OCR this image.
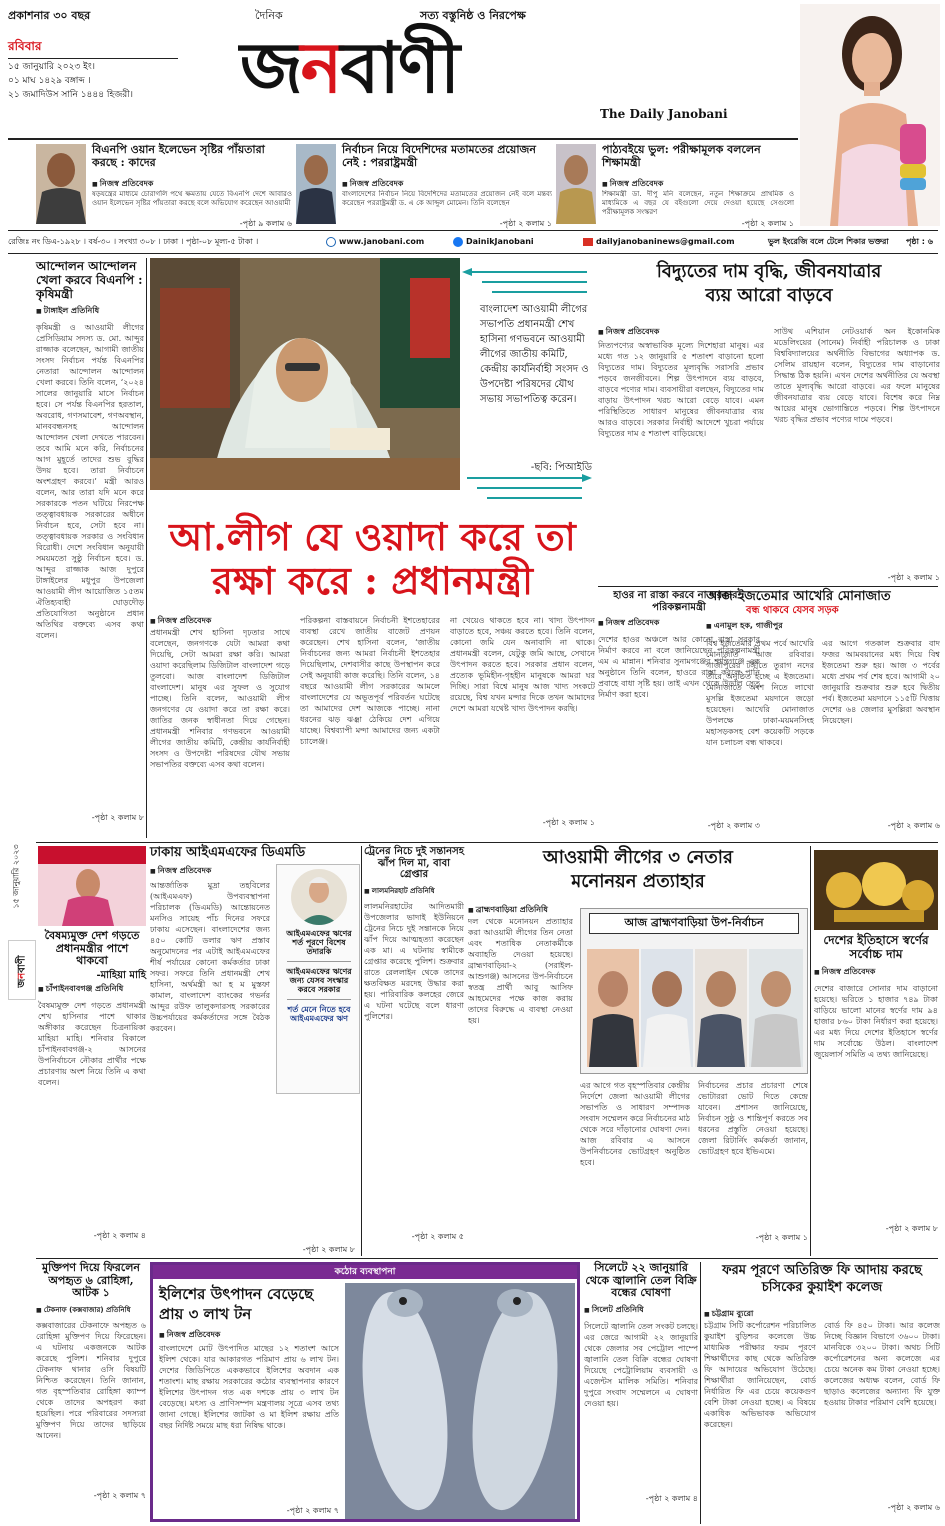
প্রকাশনার ৩০ বছর
রবিবার
১৫ জানুয়ারি ২০২৩ ইং।
০১ মাঘ ১৪২৯ বঙ্গাব্দ ।
২১ জমাদিউস সানি ১৪৪৪ হিজরী।
দৈনিক	সত্য বস্তুনিষ্ঠ ও নিরপেক্ষ
জনবাণী
The Daily Janobani
বিএনপি ওয়ান ইলেভেন সৃষ্টির পাঁয়তারা করছে : কাদের
■ নিজস্ব প্রতিবেদক
ষড়যন্ত্রের মাধ্যমে চোরাগলি পথে ক্ষমতায় যেতে বিএনপি দেশে আবারও ওয়ান ইলেভেন সৃষ্টির পাঁয়তারা করছে বলে অভিযোগ করেছেন আওয়ামী
-পৃষ্ঠা ৯ কলাম ৬
নির্বাচন নিয়ে বিদেশিদের মতামতের প্রয়োজন নেই : পররাষ্ট্রমন্ত্রী
■ নিজস্ব প্রতিবেদক
বাংলাদেশের নির্বাচন নিয়ে বিদেশিদের মতামতের প্রয়োজন নেই বলে মন্তব্য করেছেন পররাষ্ট্রমন্ত্রী ড. এ কে আব্দুল মোমেন। তিনি বলেছেন
-পৃষ্ঠা ২ কলাম ১
পাঠ্যবইয়ে ভুল: পরীক্ষামূলক বললেন শিক্ষামন্ত্রী
■ নিজস্ব প্রতিবেদক
শিক্ষামন্ত্রী ডা. দীপু মনি বলেছেন, নতুন শিক্ষাক্রমে প্রাথমিক ও মাধ্যমিকে এ বছর যে বইগুলো দেয়ে দেওয়া হয়েছে সেগুলো পরীক্ষামূলক সংস্করণ
-পৃষ্ঠা ২ কলাম ১
রেজিঃ নং ডিএ-১৯২৮ । বর্ষ-৩০ । সংখ্যা ৩০৮ । ঢাকা । পৃষ্ঠা-০৮ মূল্য-৫ টাকা ।	www.janobani.com	DainikJanobani	dailyjanobaninews@gmail.com	ভুল ইংরেজি বলে টেলে শিকার ভক্তরা পৃষ্ঠা : ৬
১৫ জানুয়ারি ২০২৩
জনবাণী
আন্দোলন আন্দোলন খেলা করবে বিএনপি : কৃষিমন্ত্রী
■ টাঙ্গাইল প্রতিনিধি
কৃষিমন্ত্রী ও আওয়ামী লীগের প্রেসিডিয়াম সদস্য ড. মো. আব্দুর রাজ্জাক বলেছেন, আগামী জাতীয় সংসদ নির্বাচন পর্যন্ত বিএনপির নেতারা আন্দোলন আন্দোলন খেলা করবে। তিনি বলেন, ‘২০২৪ সালের জানুয়ারি মাসে নির্বাচন হবে। সে পর্যন্ত বিএনপির হরতাল, অবরোধ, গণসমাবেশ, গণঅবস্থান, মানববন্ধনসহ আন্দোলন আন্দোলন খেলা দেখতে পারবেন। তবে আমি মনে করি, নির্বাচনের আগ মুহূর্তে তাদের শুভ বুদ্ধির উদয় হবে। তারা নির্বাচনে অংশগ্রহণ করবে।’ মন্ত্রী আরও বলেন, আর তারা যদি মনে করে সরকারকে পতন ঘটিয়ে নিরপেক্ষ তত্ত্বাবধায়ক সরকারের অধীনে নির্বাচন হবে, সেটা হবে না। তত্ত্বাবধায়ক সরকার ও সংবিধান বিরোধী। দেশে সংবিধান অনুযায়ী সময়মতো সুষ্ঠু নির্বাচন হবে। ড. আব্দুর রাজ্জাক আজ দুপুরে টাঙ্গাইলের মধুপুর উপজেলা আওয়ামী লীগ আয়োজিত ১৫তম ঐতিহ্যবাহী ঘোড়দৌড় প্রতিযোগিতা অনুষ্ঠানে প্রধান অতিথির বক্তব্যে এসব কথা বলেন।
-পৃষ্ঠা ২ কলাম ৮
বাংলাদেশ আওয়ামী লীগের সভাপতি প্রধানমন্ত্রী শেখ হাসিনা গণভবনে আওয়ামী লীগের জাতীয় কমিটি, কেন্দ্রীয় কার্যনির্বাহী সংসদ ও উপদেষ্টা পরিষদের যৌথ সভায় সভাপতিত্ব করেন।
-ছবি: পিআইডি
আ.লীগ যে ওয়াদা করে তা
রক্ষা করে : প্রধানমন্ত্রী
■ নিজস্ব প্রতিবেদক
প্রধানমন্ত্রী শেখ হাসিনা দৃঢ়তার সাথে বলেছেন, জনগণকে যেটা আমরা কথা দিয়েছি, সেটা আমরা রক্ষা করি। আমরা ওয়াদা করেছিলাম ডিজিটাল বাংলাদেশ গড়ে তুলবো। আজ বাংলাদেশ ডিজিটাল বাংলাদেশ। মানুষ এর সুফল ও সুযোগ পাচ্ছে। তিনি বলেন, আওয়ামী লীগ জনগণের যে ওয়াদা করে তা রক্ষা করে। জাতির জনক স্বাধীনতা দিয়ে গেছেন। প্রধানমন্ত্রী শনিবার গণভবনে আওয়ামী লীগের জাতীয় কমিটি, কেন্দ্রীয় কার্যনির্বাহী সংসদ ও উপদেষ্টা পরিষদের যৌথ সভায় সভাপতির বক্তব্যে এসব কথা বলেন।
পরিকল্পনা বাস্তবায়নে নির্বাচনী ইশতেহারের ব্যবস্থা রেখে জাতীয় বাজেট প্রণয়ন করেছেন। শেখ হাসিনা বলেন, ‘জাতীয় নির্বাচনের জন্য আমরা নির্বাচনী ইশতেহার দিয়েছিলাম, দেশবাসীর কাছে উপস্থাপন করে সেই অনুযায়ী কাজ করেছি। তিনি বলেন, ১৪ বছরে আওয়ামী লীগ সরকারের আমলে বাংলাদেশের যে অভূতপূর্ব পরিবর্তন ঘটেছে তা আমাদের দেশ আজকে পাচ্ছে। নানা ধরনের ঝড় ঝঞ্ঝা ঠেকিয়ে দেশ এগিয়ে যাচ্ছে। বিশ্বব্যাপী মন্দা আমাদের জন্য একটা চ্যালেঞ্জ।
না খেয়েও থাকতে হবে না। খাদ্য উৎপাদন বাড়াতে হবে, সঞ্চয় করতে হবে। তিনি বলেন, কোনো জমি যেন অনাবাদি না থাকে। প্রধানমন্ত্রী বলেন, যেটুকু জমি আছে, সেখানে উৎপাদন করতে হবে। সরকার প্রধান বলেন, প্রত্যেক ভূমিহীন-গৃহহীন মানুষকে আমরা ঘর দিচ্ছি। সারা বিশ্বে মানুষ আজ খাদ্য সংকটে রয়েছে, বিশ্ব যখন মন্দার দিকে তখন আমাদের দেশে আমরা যথেষ্ট খাদ্য উৎপাদন করছি।
-পৃষ্ঠা ২ কলাম ১
বিদ্যুতের দাম বৃদ্ধি, জীবনযাত্রার
ব্যয় আরো বাড়বে
■ নিজস্ব প্রতিবেদক
নিত্যপণ্যের অস্বাভাবিক মূল্যে দিশেহারা মানুষ। এর মধ্যে গত ১২ জানুয়ারি ৫ শতাংশ বাড়ানো হলো বিদ্যুতের দাম। বিদ্যুতের মূল্যবৃদ্ধি সরাসরি প্রভাব পড়বে জনজীবনে। শিল্প উৎপাদনে ব্যয় বাড়বে, বাড়বে পণ্যের দাম। ব্যবসায়ীরা বলছেন, বিদ্যুতের দাম বাড়ায় উৎপাদন খরচ আরো বেড়ে যাবে। এমন পরিস্থিতিতে সাধারণ মানুষের জীবনযাত্রার ব্যয় আরও বাড়বে। সরকার নির্বাহী আদেশে খুচরা পর্যায়ে বিদ্যুতের দাম ৫ শতাংশ বাড়িয়েছে।
সাউথ এশিয়ান নেটওয়ার্ক অন ইকোনমিক মডেলিংয়ের (সানেম) নির্বাহী পরিচালক ও ঢাকা বিশ্ববিদ্যালয়ের অর্থনীতি বিভাগের অধ্যাপক ড. সেলিম রায়হান বলেন, বিদ্যুতের দাম বাড়ানোর সিদ্ধান্ত ঠিক হয়নি। এখন দেশের অর্থনীতির যে অবস্থা তাতে মূল্যবৃদ্ধি আরো বাড়বে। এর ফলে মানুষের জীবনযাত্রার ব্যয় বেড়ে যাবে। বিশেষ করে নিম্ন আয়ের মানুষ ভোগান্তিতে পড়বে। শিল্প উৎপাদনে খরচ বৃদ্ধির প্রভাব পণ্যের দামে পড়বে।
-পৃষ্ঠা ২ কলাম ১
হাওর না রাস্তা করবে না সরকার : পরিকল্পনামন্ত্রী
■ নিজস্ব প্রতিবেদক
দেশের হাওর অঞ্চলে আর কোনো রাস্তা সরকার নির্মাণ করবে না বলে জানিয়েছেন পরিকল্পনামন্ত্রী এম এ মান্নান। শনিবার সুনামগঞ্জের শান্তিগঞ্জে এক অনুষ্ঠানে তিনি বলেন, হাওরে রাস্তা করলে পানি প্রবাহে বাধা সৃষ্টি হয়। তাই এখন থেকে উড়াল সেতু নির্মাণ করা হবে।
-পৃষ্ঠা ২ কলাম ৩
আজ ইজতেমার আখেরি মোনাজাত
বন্ধ থাকবে যেসব সড়ক
■ এনামুল হক, গাজীপুর
বিশ্ব ইজতেমার প্রথম পর্বে আখেরি মোনাজাত আজ রবিবার। গাজীপুরের টঙ্গীতে তুরাগ নদের তীরে অনুষ্ঠিত হচ্ছে এ ইজতেমা। মোনাজাতে অংশ নিতে লাখো মুসল্লি ইজতেমা ময়দানে জড়ো হয়েছেন। আখেরি মোনাজাত উপলক্ষে ঢাকা-ময়মনসিংহ মহাসড়কসহ বেশ কয়েকটি সড়কে যান চলাচল বন্ধ থাকবে।
এর আগে গতকাল শুক্রবার বাদ ফজর আমবয়ানের মধ্য দিয়ে বিশ্ব ইজতেমা শুরু হয়। আজ ৩ পর্বের মধ্যে প্রথম পর্ব শেষ হবে। আগামী ২০ জানুয়ারি শুক্রবার শুরু হবে দ্বিতীয় পর্ব। ইজতেমা ময়দানে ১১৫টি খিত্তায় দেশের ৬৪ জেলার মুসল্লিরা অবস্থান নিয়েছেন।
-পৃষ্ঠা ২ কলাম ৬
বৈষম্যমুক্ত দেশ গড়তে প্রধানমন্ত্রীর পাশে থাকবো
-মাহিয়া মাহি
■ চাঁপাইনবাবগঞ্জ প্রতিনিধি
বৈষম্যমুক্ত দেশ গড়তে প্রধানমন্ত্রী শেখ হাসিনার পাশে থাকার অঙ্গীকার করেছেন চিত্রনায়িকা মাহিয়া মাহি। শনিবার বিকালে চাঁপাইনবাবগঞ্জ-২ আসনের উপনির্বাচনে নৌকার প্রার্থীর পক্ষে প্রচারণায় অংশ নিয়ে তিনি এ কথা বলেন।
-পৃষ্ঠা ২ কলাম ৪
ঢাকায় আইএমএফের ডিএমডি
■ নিজস্ব প্রতিবেদক
আন্তর্জাতিক মুদ্রা তহবিলের (আইএমএফ) উপব্যবস্থাপনা পরিচালক (ডিএমডি) আন্তোয়নেত মনসিও সায়েহ পাঁচ দিনের সফরে ঢাকায় এসেছেন। বাংলাদেশের জন্য ৪৫০ কোটি ডলার ঋণ প্রস্তাব অনুমোদনের পর এটাই আইএমএফের শীর্ষ পর্যায়ের কোনো কর্মকর্তার ঢাকা সফর। সফরে তিনি প্রধানমন্ত্রী শেখ হাসিনা, অর্থমন্ত্রী আ হ ম মুস্তফা কামাল, বাংলাদেশ ব্যাংকের গভর্নর আব্দুর রউফ তালুকদারসহ সরকারের উচ্চপর্যায়ের কর্মকর্তাদের সঙ্গে বৈঠক করবেন।
-পৃষ্ঠা ২ কলাম ৮
আইএমএফের ঋণের শর্ত পূরণে বিশেষ তদারকি
আইএমএফের ঋণের জন্য যেসব সংস্কার করবে সরকার
শর্ত মেনে নিতে হবে আইএমএফের ঋণ
ট্রেনের নিচে দুই সন্তানসহ ঝাঁপ দিল মা, বাবা গ্রেপ্তার
■ লালমনিরহাট প্রতিনিধি
লালমনিরহাটের আদিতমারী উপজেলার ভাদাই ইউনিয়নে ট্রেনের নিচে দুই সন্তানকে নিয়ে ঝাঁপ দিয়ে আত্মহত্যা করেছেন এক মা। এ ঘটনায় স্বামীকে গ্রেপ্তার করেছে পুলিশ। শুক্রবার রাতে রেললাইন থেকে তাদের ক্ষতবিক্ষত মরদেহ উদ্ধার করা হয়। পারিবারিক কলহের জেরে এ ঘটনা ঘটেছে বলে ধারণা পুলিশের।
-পৃষ্ঠা ২ কলাম ৫
আওয়ামী লীগের ৩ নেতার
মনোনয়ন প্রত্যাহার
■ ব্রাহ্মণবাড়িয়া প্রতিনিধি
দল থেকে মনোনয়ন প্রত্যাহার করা আওয়ামী লীগের তিন নেতা এবং শতাধিক নেতাকর্মীকে অব্যাহতি দেওয়া হয়েছে। ব্রাহ্মণবাড়িয়া-২ (সরাইল-আশুগঞ্জ) আসনের উপ-নির্বাচনে স্বতন্ত্র প্রার্থী আবু আসিফ আহমেদের পক্ষে কাজ করায় তাদের বিরুদ্ধে এ ব্যবস্থা নেওয়া হয়।
এর আগে গত বৃহস্পতিবার কেন্দ্রীয় নির্দেশে জেলা আওয়ামী লীগের সভাপতি ও সাধারণ সম্পাদক সংবাদ সম্মেলন করে নির্বাচনের মাঠ থেকে সরে দাঁড়ানোর ঘোষণা দেন। আজ রবিবার এ আসনে উপনির্বাচনের ভোটগ্রহণ অনুষ্ঠিত হবে।
নির্বাচনের প্রচার প্রচারণা শেষে ভোটাররা ভোট দিতে কেন্দ্রে যাবেন। প্রশাসন জানিয়েছে, নির্বাচন সুষ্ঠু ও শান্তিপূর্ণ করতে সব ধরনের প্রস্তুতি নেওয়া হয়েছে। জেলা রিটার্নিং কর্মকর্তা জানান, ভোটগ্রহণ হবে ইভিএমে।
-পৃষ্ঠা ২ কলাম ১
আজ ব্রাহ্মণবাড়িয়া উপ-নির্বাচন
দেশের ইতিহাসে স্বর্ণের সর্বোচ্চ দাম
■ নিজস্ব প্রতিবেদক
দেশের বাজারে সোনার দাম বাড়ানো হয়েছে। ভরিতে ১ হাজার ৭৪৯ টাকা বাড়িয়ে ভালো মানের স্বর্ণের দাম ৯৪ হাজার ৮৬০ টাকা নির্ধারণ করা হয়েছে। এর মধ্য দিয়ে দেশের ইতিহাসে স্বর্ণের দাম সর্বোচ্চে উঠল। বাংলাদেশ জুয়েলার্স সমিতি এ তথ্য জানিয়েছে।
-পৃষ্ঠা ২ কলাম ৮
মুক্তিপণ দিয়ে ফিরলেন অপহৃত ৬ রোহিঙ্গা, আটক ১
■ টেকনাফ (কক্সবাজার) প্রতিনিধি
কক্সবাজারের টেকনাফে অপহৃত ৬ রোহিঙ্গা মুক্তিপণ দিয়ে ফিরেছেন। এ ঘটনায় একজনকে আটক করেছে পুলিশ। শনিবার দুপুরে টেকনাফ থানার ওসি বিষয়টি নিশ্চিত করেছেন। তিনি জানান, গত বৃহস্পতিবার রোহিঙ্গা ক্যাম্প থেকে তাদের অপহরণ করা হয়েছিল। পরে পরিবারের সদস্যরা মুক্তিপণ দিয়ে তাদের ছাড়িয়ে আনেন।
-পৃষ্ঠা ২ কলাম ৭
কঠোর ব্যবস্থাপনা
ইলিশের উৎপাদন বেড়েছে
প্রায় ৩ লাখ টন
■ নিজস্ব প্রতিবেদক
বাংলাদেশে মোট উৎপাদিত মাছের ১২ শতাংশ আসে ইলিশ থেকে। যার আকারগত পরিমাণ প্রায় ৬ লাখ টন। দেশের জিডিপিতে এককভাবে ইলিশের অবদান এক শতাংশ। মাছ রক্ষায় সরকারের কঠোর ব্যবস্থাপনার কারণে ইলিশের উৎপাদন গত এক দশকে প্রায় ৩ লাখ টন বেড়েছে। মৎস্য ও প্রাণিসম্পদ মন্ত্রণালয় সূত্রে এসব তথ্য জানা গেছে। ইলিশের জাটকা ও মা ইলিশ রক্ষায় প্রতি বছর নির্দিষ্ট সময়ে মাছ ধরা নিষিদ্ধ থাকে।
-পৃষ্ঠা ২ কলাম ৭
সিলেটে ২২ জানুয়ারি থেকে জ্বালানি তেল বিক্রি বন্ধের ঘোষণা
■ সিলেট প্রতিনিধি
সিলেটে জ্বালানি তেল সংকট চলছে। এর জেরে আগামী ২২ জানুয়ারি থেকে জেলার সব পেট্রোল পাম্পে জ্বালানি তেল বিক্রি বন্ধের ঘোষণা দিয়েছে পেট্রোলিয়াম ব্যবসায়ী ও এজেন্টস মালিক সমিতি। শনিবার দুপুরে সংবাদ সম্মেলনে এ ঘোষণা দেওয়া হয়।
-পৃষ্ঠা ২ কলাম ৪
ফরম পূরণে অতিরিক্ত ফি আদায় করছে চসিকের কুয়াইশ কলেজ
■ চট্টগ্রাম ব্যুরো
চট্টগ্রাম সিটি কর্পোরেশন পরিচালিত কুয়াইশ বুড়িশ্চর কলেজে উচ্চ মাধ্যমিক পরীক্ষার ফরম পূরণে শিক্ষার্থীদের কাছ থেকে অতিরিক্ত ফি আদায়ের অভিযোগ উঠেছে। শিক্ষার্থীরা জানিয়েছেন, বোর্ড নির্ধারিত ফি এর চেয়ে কয়েকগুণ বেশি টাকা নেওয়া হচ্ছে। এ বিষয়ে একাধিক অভিভাবক অভিযোগ করেছেন।
বোর্ড ফি ৪৫০ টাকা। আর কলেজ নিচ্ছে বিজ্ঞান বিভাগে ৩৬০০ টাকা। মানবিকে ৩২০০ টাকা। অথচ সিটি কর্পোরেশনের অন্য কলেজে এর চেয়ে অনেক কম টাকা নেওয়া হচ্ছে। কলেজের অধ্যক্ষ বলেন, বোর্ড ফি ছাড়াও কলেজের অন্যান্য ফি যুক্ত হওয়ায় টাকার পরিমাণ বেশি হয়েছে।
-পৃষ্ঠা ২ কলাম ৬
